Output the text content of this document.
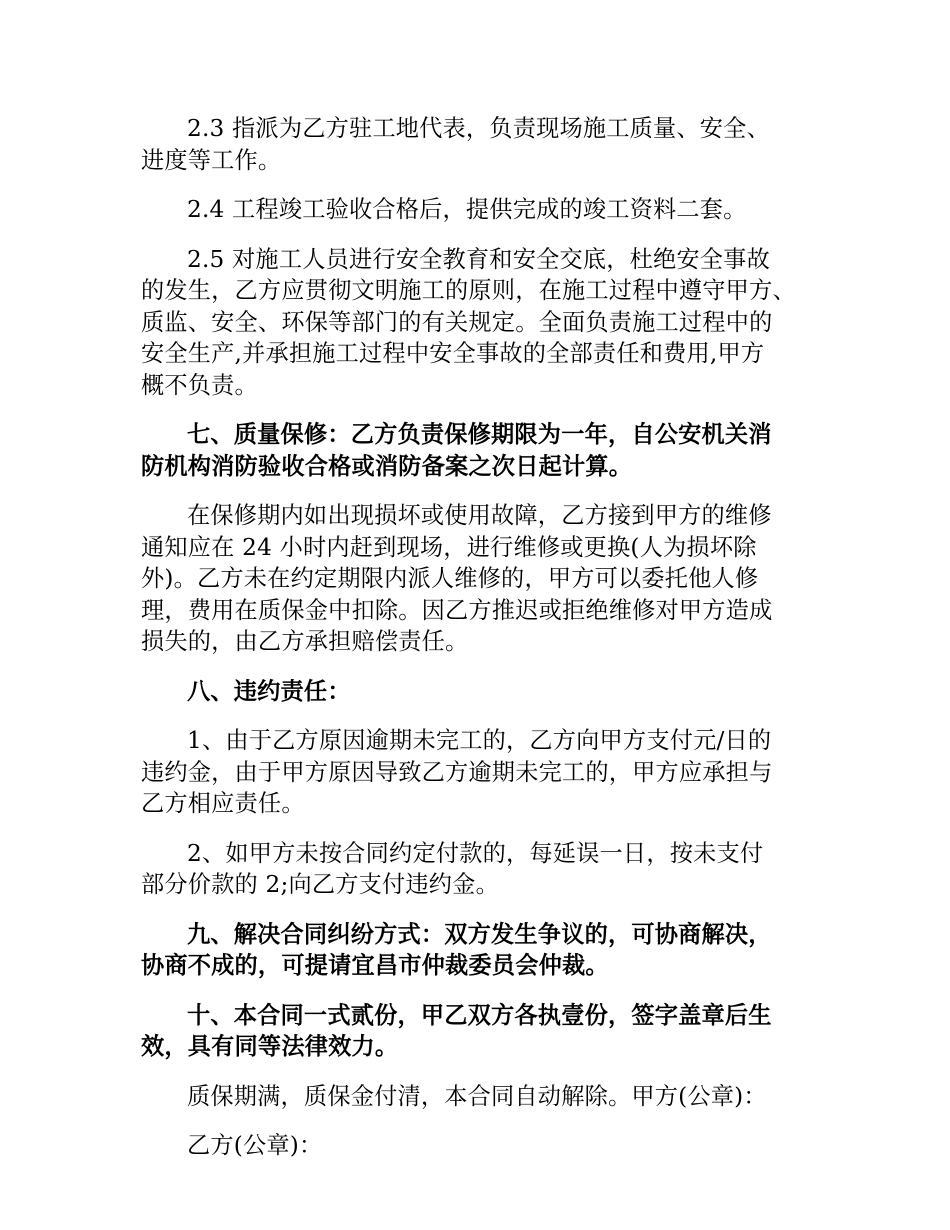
2.3 指派为乙方驻工地代表，负责现场施工质量、安全、
进度等工作。
2.4 工程竣工验收合格后，提供完成的竣工资料二套。
2.5 对施工人员进行安全教育和安全交底，杜绝安全事故
的发生，乙方应贯彻文明施工的原则，在施工过程中遵守甲方、
质监、安全、环保等部门的有关规定。全面负责施工过程中的
安全生产,并承担施工过程中安全事故的全部责任和费用,甲方
概不负责。
七、质量保修：乙方负责保修期限为一年，自公安机关消
防机构消防验收合格或消防备案之次日起计算。
在保修期内如出现损坏或使用故障，乙方接到甲方的维修
通知应在 24 小时内赶到现场，进行维修或更换(人为损坏除
外)。乙方未在约定期限内派人维修的，甲方可以委托他人修
理，费用在质保金中扣除。因乙方推迟或拒绝维修对甲方造成
损失的，由乙方承担赔偿责任。
八、违约责任：
1、由于乙方原因逾期未完工的，乙方向甲方支付元/日的
违约金，由于甲方原因导致乙方逾期未完工的，甲方应承担与
乙方相应责任。
2、如甲方未按合同约定付款的，每延误一日，按未支付
部分价款的 2;向乙方支付违约金。
九、解决合同纠纷方式：双方发生争议的，可协商解决，
协商不成的，可提请宜昌市仲裁委员会仲裁。
十、本合同一式贰份，甲乙双方各执壹份，签字盖章后生
效，具有同等法律效力。
质保期满，质保金付清，本合同自动解除。甲方(公章)：
乙方(公章)：
